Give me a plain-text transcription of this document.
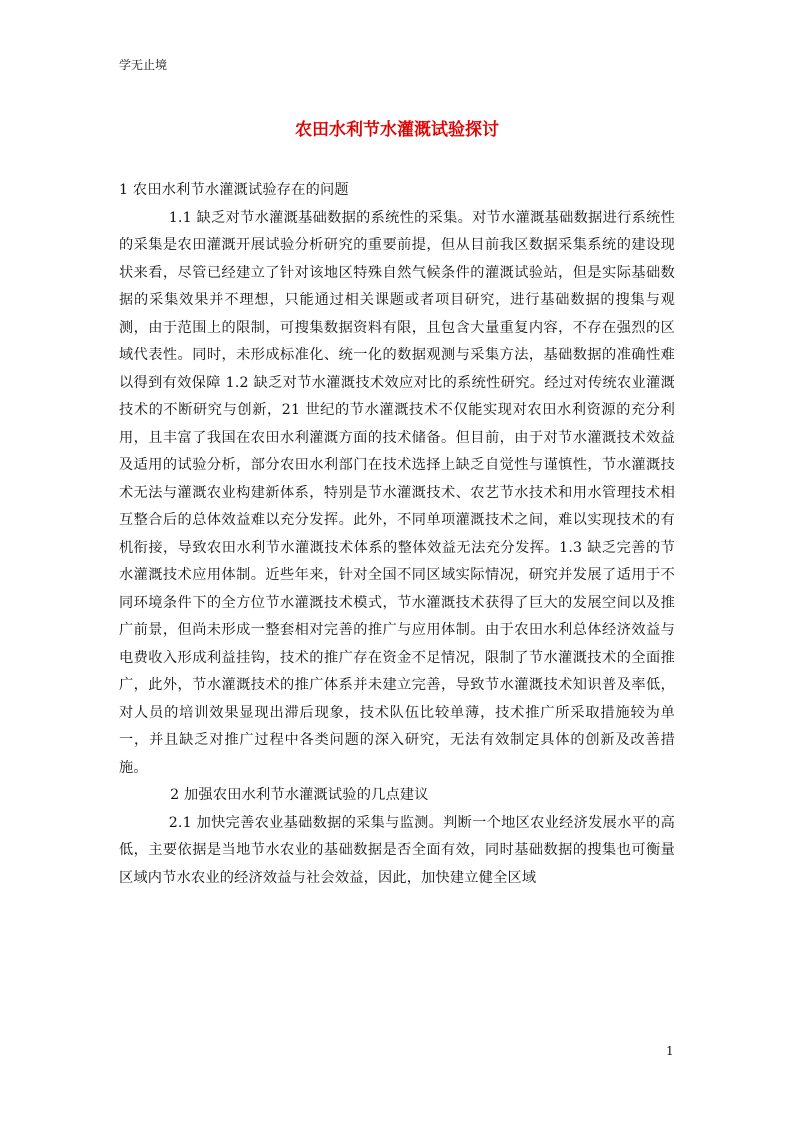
学无止境
农田水利节水灌溉试验探讨

1 农田水利节水灌溉试验存在的问题

1.1 缺乏对节水灌溉基础数据的系统性的采集。对节水灌溉基础数据进行系统性的采集是农田灌溉开展试验分析研究的重要前提，但从目前我区数据采集系统的建设现状来看，尽管已经建立了针对该地区特殊自然气候条件的灌溉试验站，但是实际基础数据的采集效果并不理想，只能通过相关课题或者项目研究，进行基础数据的搜集与观测，由于范围上的限制，可搜集数据资料有限，且包含大量重复内容，不存在强烈的区域代表性。同时，未形成标准化、统一化的数据观测与采集方法，基础数据的准确性难以得到有效保障 1.2 缺乏对节水灌溉技术效应对比的系统性研究。经过对传统农业灌溉技术的不断研究与创新，21 世纪的节水灌溉技术不仅能实现对农田水利资源的充分利用，且丰富了我国在农田水利灌溉方面的技术储备。但目前，由于对节水灌溉技术效益及适用的试验分析，部分农田水利部门在技术选择上缺乏自觉性与谨慎性，节水灌溉技术无法与灌溉农业构建新体系，特别是节水灌溉技术、农艺节水技术和用水管理技术相互整合后的总体效益难以充分发挥。此外，不同单项灌溉技术之间，难以实现技术的有机衔接，导致农田水利节水灌溉技术体系的整体效益无法充分发挥。1.3 缺乏完善的节水灌溉技术应用体制。近些年来，针对全国不同区域实际情况，研究并发展了适用于不同环境条件下的全方位节水灌溉技术模式，节水灌溉技术获得了巨大的发展空间以及推广前景，但尚未形成一整套相对完善的推广与应用体制。由于农田水利总体经济效益与电费收入形成利益挂钩，技术的推广存在资金不足情况，限制了节水灌溉技术的全面推广，此外，节水灌溉技术的推广体系并未建立完善，导致节水灌溉技术知识普及率低，对人员的培训效果显现出滞后现象，技术队伍比较单薄，技术推广所采取措施较为单一，并且缺乏对推广过程中各类问题的深入研究，无法有效制定具体的创新及改善措施。

2 加强农田水利节水灌溉试验的几点建议

2.1 加快完善农业基础数据的采集与监测。判断一个地区农业经济发展水平的高低，主要依据是当地节水农业的基础数据是否全面有效，同时基础数据的搜集也可衡量区域内节水农业的经济效益与社会效益，因此，加快建立健全区域

1
